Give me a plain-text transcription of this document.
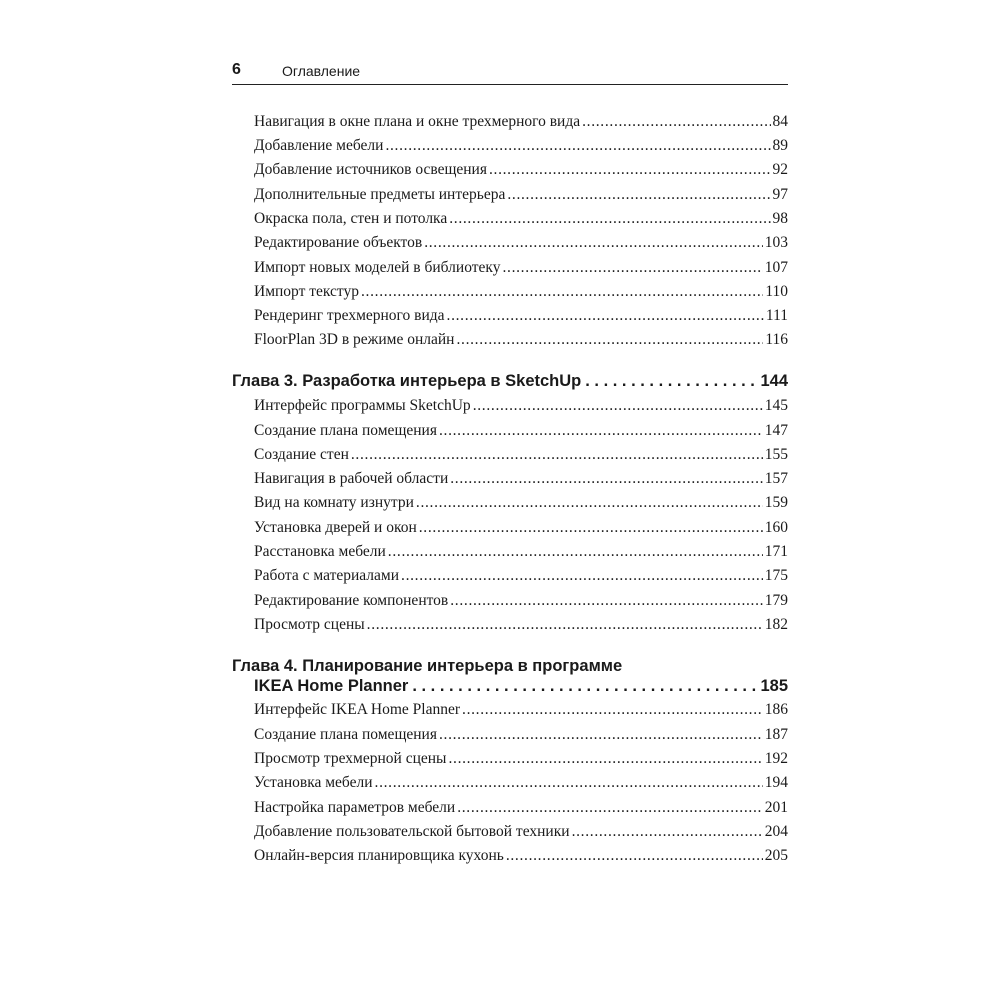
6	Оглавление
Навигация в окне плана и окне трехмерного вида . . .	84
Добавление мебели . . .	89
Добавление источников освещения . . .	92
Дополнительные предметы интерьера . . .	97
Окраска пола, стен и потолка . . .	98
Редактирование объектов . . .	103
Импорт новых моделей в библиотеку . . .	107
Импорт текстур . . .	110
Рендеринг трехмерного вида . . .	111
FloorPlan 3D в режиме онлайн . . .	116
Глава 3. Разработка интерьера в SketchUp . . .	144
Интерфейс программы SketchUp . . .	145
Создание плана помещения . . .	147
Создание стен . . .	155
Навигация в рабочей области . . .	157
Вид на комнату изнутри . . .	159
Установка дверей и окон . . .	160
Расстановка мебели . . .	171
Работа с материалами . . .	175
Редактирование компонентов . . .	179
Просмотр сцены . . .	182
Глава 4. Планирование интерьера в программе
IKEA Home Planner . . .	185
Интерфейс IKEA Home Planner . . .	186
Создание плана помещения . . .	187
Просмотр трехмерной сцены . . .	192
Установка мебели . . .	194
Настройка параметров мебели . . .	201
Добавление пользовательской бытовой техники . . .	204
Онлайн-версия планировщика кухонь . . .	205
